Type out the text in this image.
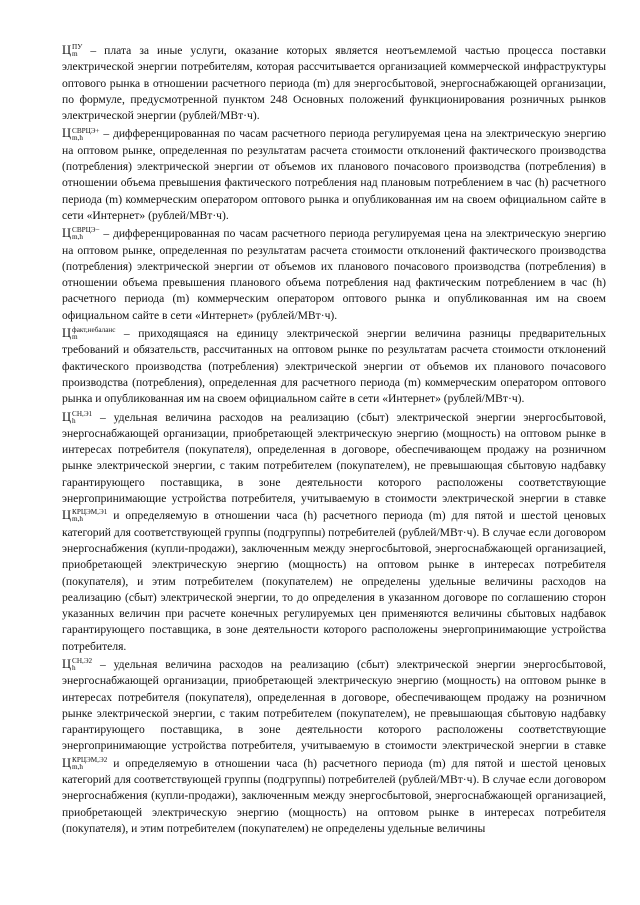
Ц ПУ
m – плата за иные услуги, оказание которых является неотъемлемой частью процесса поставки электрической энергии потребителям, которая рассчитывается организацией коммерческой инфраструктуры оптового рынка в отношении расчетного периода (m) для энергосбытовой, энергоснабжающей организации, по формуле, предусмотренной пунктом 248 Основных положений функционирования розничных рынков электрической энергии (рублей/МВт·ч).

Ц СВРЦЭ+
m,h	– дифференцированная по часам расчетного периода регулируемая цена на электрическую энергию на оптовом рынке, определенная по результатам расчета стоимости отклонений фактического производства (потребления) электрической энергии от объемов их планового почасового производства (потребления) в отношении объема превышения фактического потребления над плановым потреблением в час (h) расчетного периода (m) коммерческим оператором оптового рынка и опубликованная им на своем официальном сайте в сети «Интернет» (рублей/МВт·ч).

Ц СВРЦЭ−
m,h	– дифференцированная по часам расчетного периода регулируемая цена на электрическую энергию на оптовом рынке, определенная по результатам расчета стоимости отклонений фактического производства (потребления) электрической энергии от объемов их планового почасового производства (потребления) в отношении объема превышения планового объема потребления над фактическим потреблением в час (h) расчетного периода (m) коммерческим оператором оптового рынка и опубликованная им на своем официальном сайте в сети «Интернет» (рублей/МВт·ч).

Ц факт,небаланс
m	– приходящаяся на единицу электрической энергии величина разницы предварительных требований и обязательств, рассчитанных на оптовом рынке по результатам расчета стоимости отклонений фактического производства (потребления) электрической энергии от объемов их планового почасового производства (потребления), определенная для расчетного периода (m) коммерческим оператором оптового рынка и опубликованная им на своем официальном сайте в сети «Интернет» (рублей/МВт·ч).

Ц СН,Э1
h	– удельная величина расходов на реализацию (сбыт) электрической энергии энергосбытовой, энергоснабжающей организации, приобретающей электрическую энергию (мощность) на оптовом рынке в интересах потребителя (покупателя), определенная в договоре, обеспечивающем продажу на розничном рынке электрической энергии, с таким потребителем (покупателем), не превышающая сбытовую надбавку гарантирующего поставщика, в зоне деятельности которого расположены соответствующие энергопринимающие устройства потребителя, учитываемую в стоимости электрической энергии в ставке Ц КРЦЭМ,Э1
m,h	и определяемую в отношении часа (h) расчетного периода (m) для пятой и шестой ценовых категорий для соответствующей группы (подгруппы) потребителей (рублей/МВт·ч). В случае если договором энергоснабжения (купли-продажи), заключенным между энергосбытовой, энергоснабжающей организацией, приобретающей электрическую энергию (мощность) на оптовом рынке в интересах потребителя (покупателя), и этим потребителем (покупателем) не определены удельные величины расходов на реализацию (сбыт) электрической энергии, то до определения в указанном договоре по соглашению сторон указанных величин при расчете конечных регулируемых цен применяются величины сбытовых надбавок гарантирующего поставщика, в зоне деятельности которого расположены энергопринимающие устройства потребителя.

Ц СН,Э2
h	– удельная величина расходов на реализацию (сбыт) электрической энергии энергосбытовой, энергоснабжающей организации, приобретающей электрическую энергию (мощность) на оптовом рынке в интересах потребителя (покупателя), определенная в договоре, обеспечивающем продажу на розничном рынке электрической энергии, с таким потребителем (покупателем), не превышающая сбытовую надбавку гарантирующего поставщика, в зоне деятельности которого расположены соответствующие энергопринимающие устройства потребителя, учитываемую в стоимости электрической энергии в ставке Ц КРЦЭМ,Э2
m,h	и определяемую в отношении часа (h) расчетного периода (m) для пятой и шестой ценовых категорий для соответствующей группы (подгруппы) потребителей (рублей/МВт·ч). В случае если договором энергоснабжения (купли-продажи), заключенным между энергосбытовой, энергоснабжающей организацией, приобретающей электрическую энергию (мощность) на оптовом рынке в интересах потребителя (покупателя), и этим потребителем (покупателем) не определены удельные величины
